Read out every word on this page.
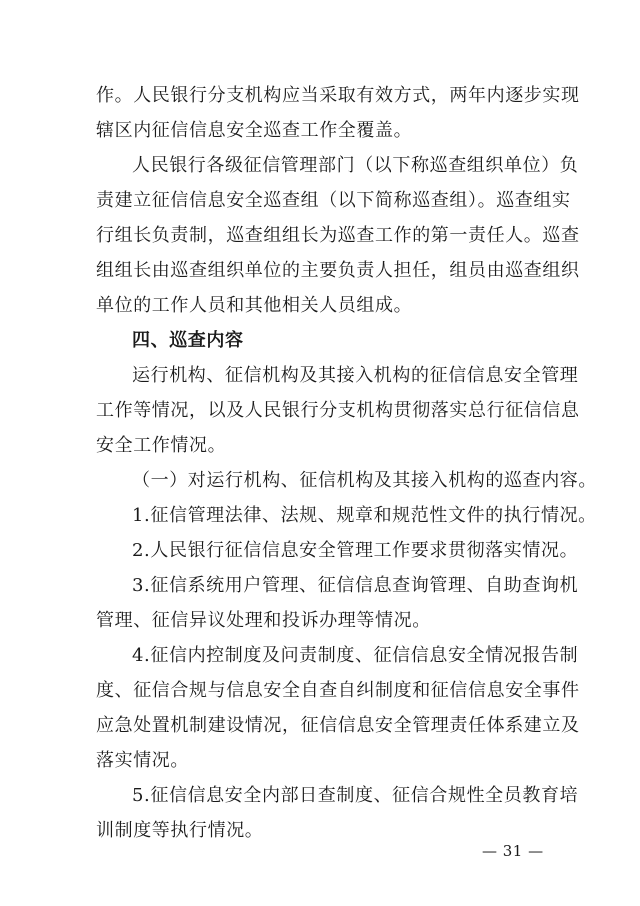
作。人民银行分支机构应当采取有效方式，两年内逐步实现
辖区内征信信息安全巡查工作全覆盖。
人民银行各级征信管理部门（以下称巡查组织单位）负
责建立征信信息安全巡查组（以下简称巡查组）。巡查组实
行组长负责制，巡查组组长为巡查工作的第一责任人。巡查
组组长由巡查组织单位的主要负责人担任，组员由巡查组织
单位的工作人员和其他相关人员组成。
四、巡查内容
运行机构、征信机构及其接入机构的征信信息安全管理
工作等情况，以及人民银行分支机构贯彻落实总行征信信息
安全工作情况。
（一）对运行机构、征信机构及其接入机构的巡查内容。
1.征信管理法律、法规、规章和规范性文件的执行情况。
2.人民银行征信信息安全管理工作要求贯彻落实情况。
3.征信系统用户管理、征信信息查询管理、自助查询机
管理、征信异议处理和投诉办理等情况。
4.征信内控制度及问责制度、征信信息安全情况报告制
度、征信合规与信息安全自查自纠制度和征信信息安全事件
应急处置机制建设情况，征信信息安全管理责任体系建立及
落实情况。
5.征信信息安全内部日查制度、征信合规性全员教育培
训制度等执行情况。
— 31 —
